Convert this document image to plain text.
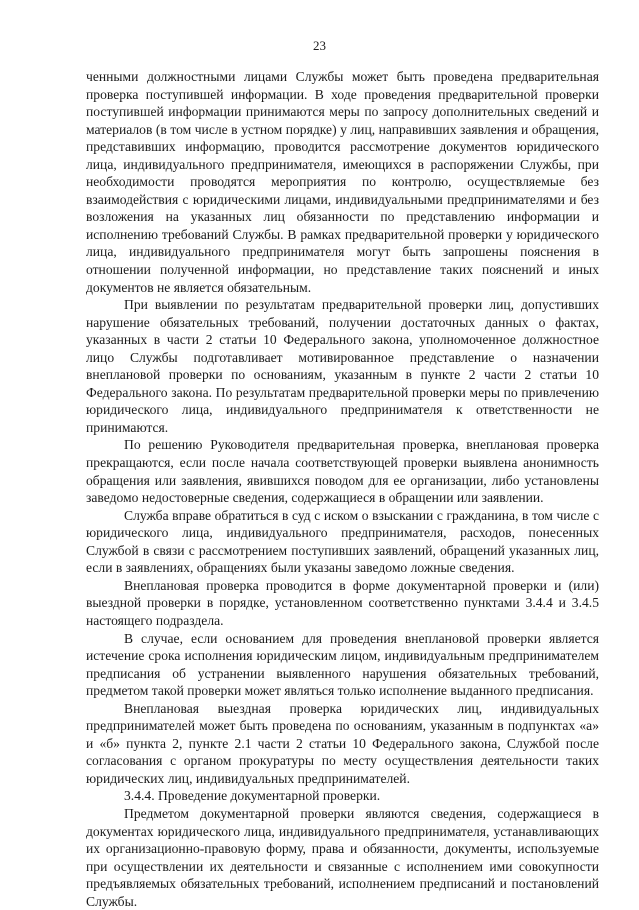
23

ченными должностными лицами Службы может быть проведена предварительная проверка поступившей информации. В ходе проведения предварительной проверки поступившей информации принимаются меры по запросу дополнительных сведений и материалов (в том числе в устном порядке) у лиц, направивших заявления и обращения, представивших информацию, проводится рассмотрение документов юридического лица, индивидуального предпринимателя, имеющихся в распоряжении Службы, при необходимости проводятся мероприятия по контролю, осуществляемые без взаимодействия с юридическими лицами, индивидуальными предпринимателями и без возложения на указанных лиц обязанности по представлению информации и исполнению требований Службы. В рамках предварительной проверки у юридического лица, индивидуального предпринимателя могут быть запрошены пояснения в отношении полученной информации, но представление таких пояснений и иных документов не является обязательным.

При выявлении по результатам предварительной проверки лиц, допустивших нарушение обязательных требований, получении достаточных данных о фактах, указанных в части 2 статьи 10 Федерального закона, уполномоченное должностное лицо Службы подготавливает мотивированное представление о назначении внеплановой проверки по основаниям, указанным в пункте 2 части 2 статьи 10 Федерального закона. По результатам предварительной проверки меры по привлечению юридического лица, индивидуального предпринимателя к ответственности не принимаются.

По решению Руководителя предварительная проверка, внеплановая проверка прекращаются, если после начала соответствующей проверки выявлена анонимность обращения или заявления, явившихся поводом для ее организации, либо установлены заведомо недостоверные сведения, содержащиеся в обращении или заявлении.

Служба вправе обратиться в суд с иском о взыскании с гражданина, в том числе с юридического лица, индивидуального предпринимателя, расходов, понесенных Службой в связи с рассмотрением поступивших заявлений, обращений указанных лиц, если в заявлениях, обращениях были указаны заведомо ложные сведения.

Внеплановая проверка проводится в форме документарной проверки и (или) выездной проверки в порядке, установленном соответственно пунктами 3.4.4 и 3.4.5 настоящего подраздела.

В случае, если основанием для проведения внеплановой проверки является истечение срока исполнения юридическим лицом, индивидуальным предпринимателем предписания об устранении выявленного нарушения обязательных требований, предметом такой проверки может являться только исполнение выданного предписания.

Внеплановая выездная проверка юридических лиц, индивидуальных предпринимателей может быть проведена по основаниям, указанным в подпунктах «а» и «б» пункта 2, пункте 2.1 части 2 статьи 10 Федерального закона, Службой после согласования с органом прокуратуры по месту осуществления деятельности таких юридических лиц, индивидуальных предпринимателей.

3.4.4. Проведение документарной проверки.

Предметом документарной проверки являются сведения, содержащиеся в документах юридического лица, индивидуального предпринимателя, устанавливающих их организационно-правовую форму, права и обязанности, документы, используемые при осуществлении их деятельности и связанные с исполнением ими совокупности предъявляемых обязательных требований, исполнением предписаний и постановлений Службы.
